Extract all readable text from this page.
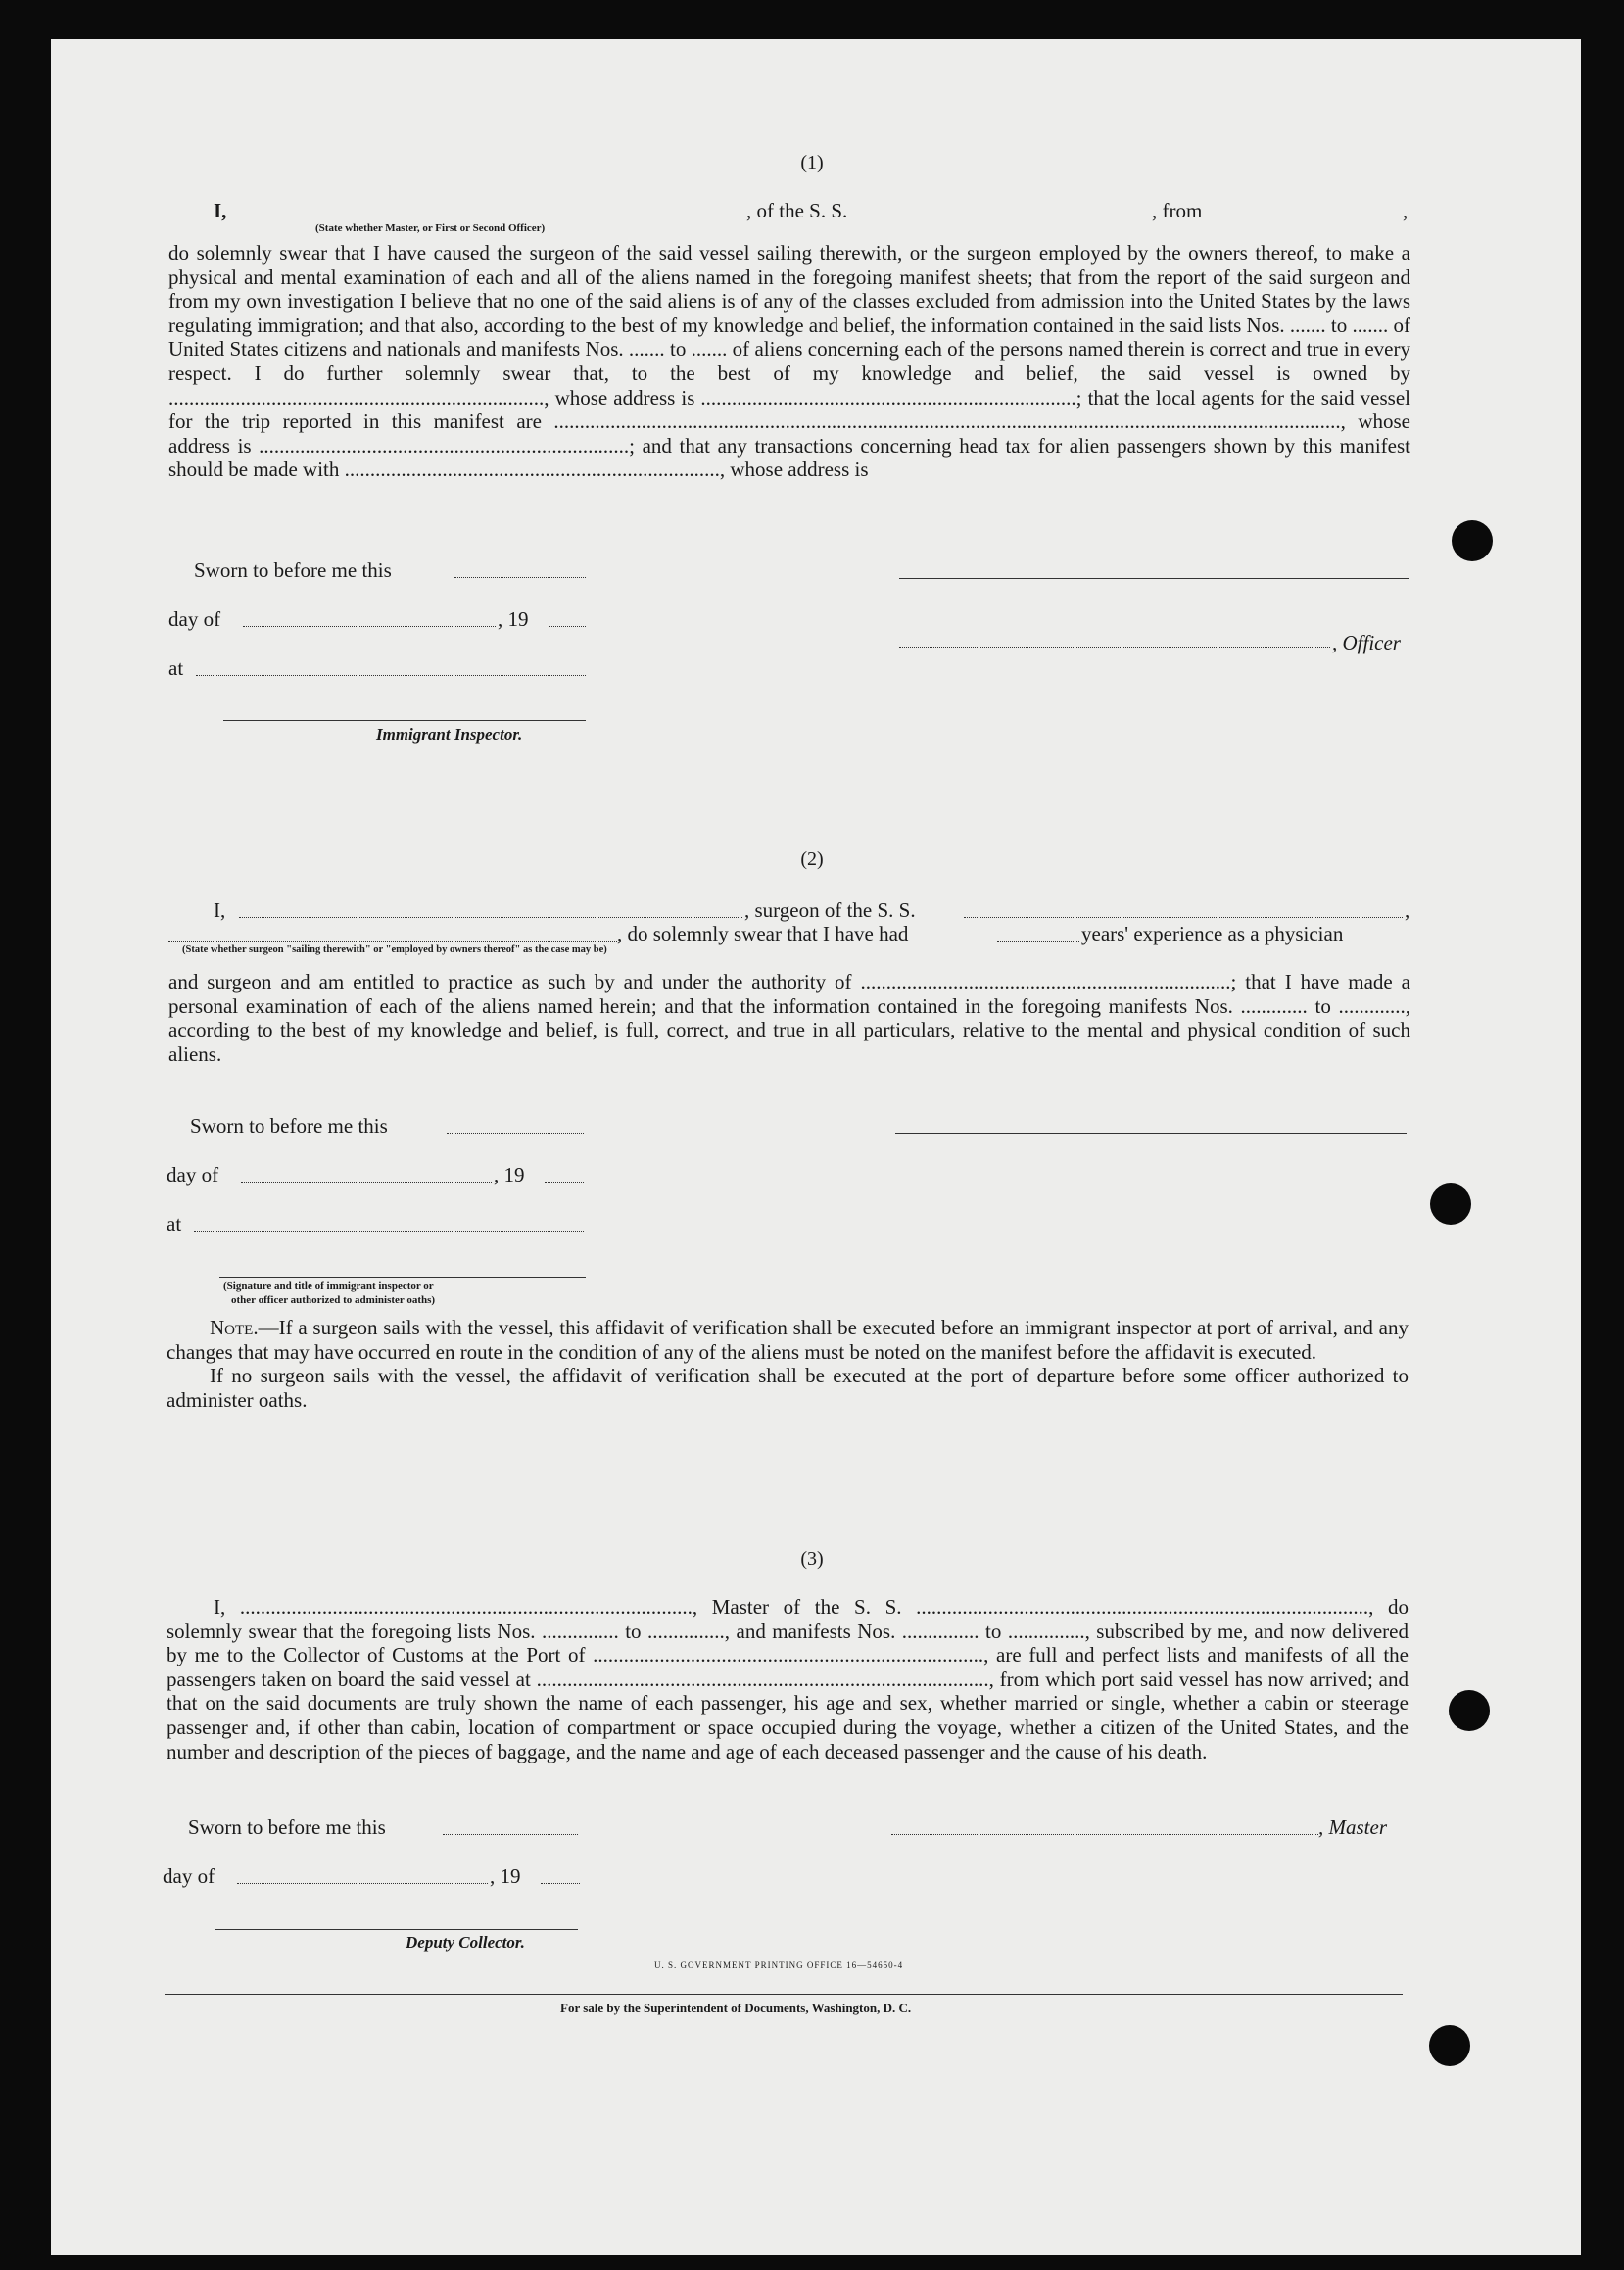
(1)
I,	, of the S. S.	, from	,
(State whether Master, or First or Second Officer)

do solemnly swear that I have caused the surgeon of the said vessel sailing therewith, or the surgeon employed by the owners thereof, to make a physical and mental examination of each and all of the aliens named in the foregoing manifest sheets; that from the report of the said surgeon and from my own investigation I believe that no one of the said aliens is of any of the classes excluded from admission into the United States by the laws regulating immigration; and that also, according to the best of my knowledge and belief, the information contained in the said lists Nos. ....... to ....... of United States citizens and nationals and manifests Nos. ....... to ....... of aliens concerning each of the persons named therein is correct and true in every respect. I do further solemnly swear that, to the best of my knowledge and belief, the said vessel is owned by ........................................................................., whose address is .........................................................................; that the local agents for the said vessel for the trip reported in this manifest are ........................................................................................................................................................., whose address is ........................................................................; and that any transactions concerning head tax for alien passengers shown by this manifest should be made with ........................................................................., whose address is

Sworn to before me this
day of	, 19
, Officer
at
Immigrant Inspector.
(2)
I,	, surgeon of the S. S.	,
, do solemnly swear that I have had	years' experience as a physician
(State whether surgeon "sailing therewith" or "employed by owners thereof" as the case may be)

and surgeon and am entitled to practice as such by and under the authority of ........................................................................; that I have made a personal examination of each of the aliens named herein; and that the information contained in the foregoing manifests Nos. ............. to ............., according to the best of my knowledge and belief, is full, correct, and true in all particulars, relative to the mental and physical condition of such aliens.

Sworn to before me this
day of	, 19
at
(Signature and title of immigrant inspector or
other officer authorized to administer oaths)

Note.—If a surgeon sails with the vessel, this affidavit of verification shall be executed before an immigrant inspector at port of arrival, and any changes that may have occurred en route in the condition of any of the aliens must be noted on the manifest before the affidavit is executed.

If no surgeon sails with the vessel, the affidavit of verification shall be executed at the port of departure before some officer authorized to administer oaths.

(3)

I, ........................................................................................, Master of the S. S. ........................................................................................, do solemnly swear that the foregoing lists Nos. ............... to ..............., and manifests Nos. ............... to ..............., subscribed by me, and now delivered by me to the Collector of Customs at the Port of ............................................................................, are full and perfect lists and manifests of all the passengers taken on board the said vessel at ........................................................................................, from which port said vessel has now arrived; and that on the said documents are truly shown the name of each passenger, his age and sex, whether married or single, whether a cabin or steerage passenger and, if other than cabin, location of compartment or space occupied during the voyage, whether a citizen of the United States, and the number and description of the pieces of baggage, and the name and age of each deceased passenger and the cause of his death.

Sworn to before me this	, Master
day of	, 19
Deputy Collector.
U. S. GOVERNMENT PRINTING OFFICE 16—54650-4
For sale by the Superintendent of Documents, Washington, D. C.
